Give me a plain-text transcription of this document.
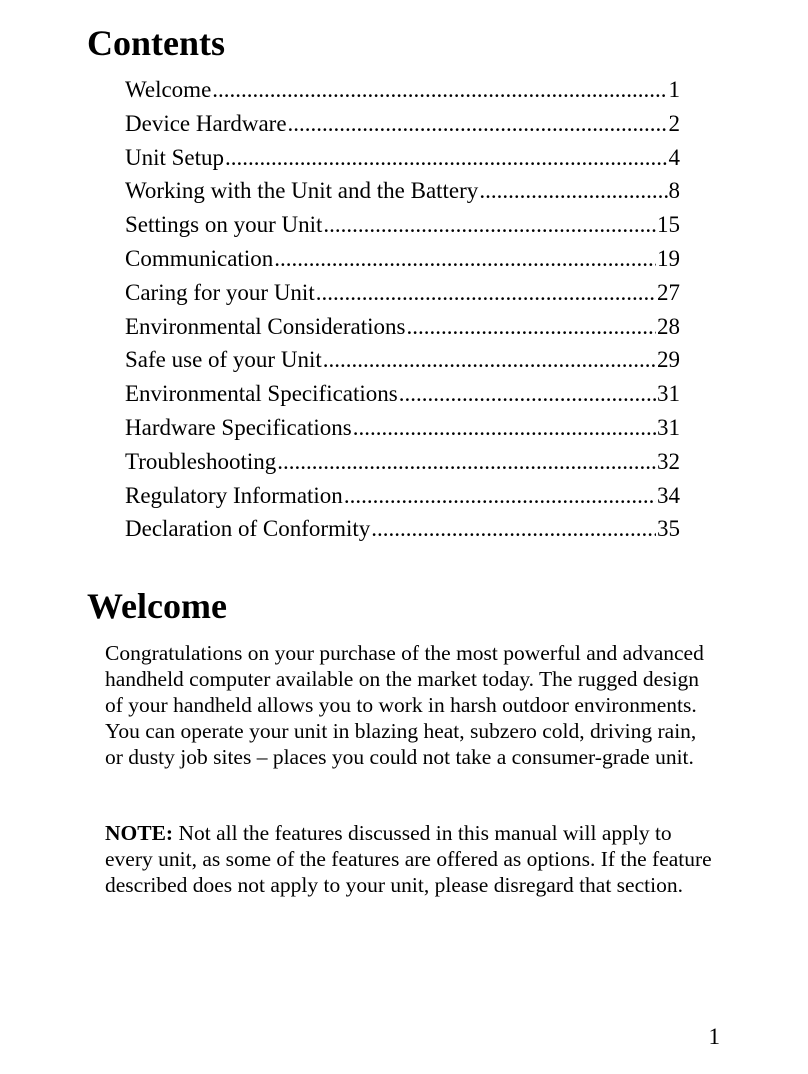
Contents
Welcome .....	1
Device Hardware .....	2
Unit Setup .....	4
Working with the Unit and the Battery .....	8
Settings on your Unit .....	15
Communication .....	19
Caring for your Unit .....	27
Environmental Considerations .....	28
Safe use of your Unit .....	29
Environmental Specifications .....	31
Hardware Specifications .....	31
Troubleshooting .....	32
Regulatory Information .....	34
Declaration of Conformity .....	35
Welcome

Congratulations on your purchase of the most powerful and advanced handheld computer available on the market today. The rugged design of your handheld allows you to work in harsh outdoor environments. You can operate your unit in blazing heat, subzero cold, driving rain, or dusty job sites – places you could not take a consumer-grade unit.

NOTE: Not all the features discussed in this manual will apply to every unit, as some of the features are offered as options. If the feature described does not apply to your unit, please disregard that section.

1
